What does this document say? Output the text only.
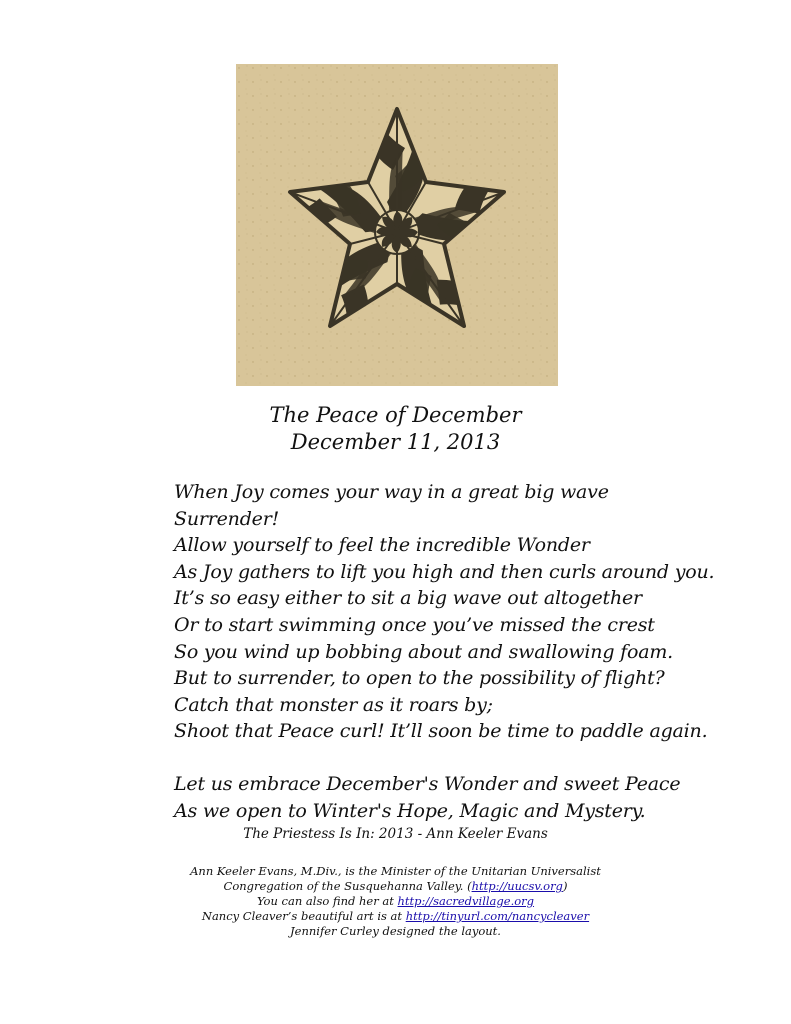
The Peace of December
December 11, 2013
When Joy comes your way in a great big wave
Surrender!
Allow yourself to feel the incredible Wonder
As Joy gathers to lift you high and then curls around you.
It’s so easy either to sit a big wave out altogether
Or to start swimming once you’ve missed the crest
So you wind up bobbing about and swallowing foam.
But to surrender, to open to the possibility of flight?
Catch that monster as it roars by;
Shoot that Peace curl! It’ll soon be time to paddle again.
Let us embrace December's Wonder and sweet Peace
As we open to Winter's Hope, Magic and Mystery.
The Priestess Is In: 2013 - Ann Keeler Evans
Ann Keeler Evans, M.Div., is the Minister of the Unitarian Universalist
Congregation of the Susquehanna Valley. (http://uucsv.org)
You can also find her at http://sacredvillage.org
Nancy Cleaver’s beautiful art is at http://tinyurl.com/nancycleaver
Jennifer Curley designed the layout.
